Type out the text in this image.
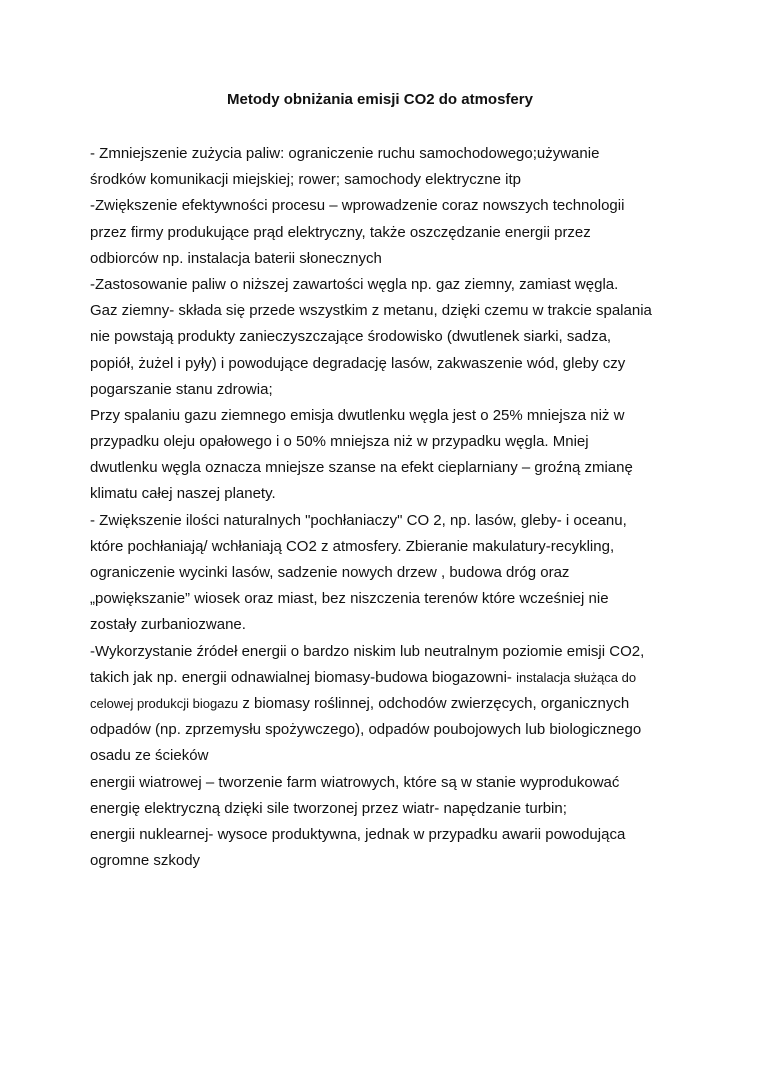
Metody obniżania emisji CO2 do atmosfery

- Zmniejszenie zużycia paliw: ograniczenie ruchu samochodowego;używanie

środków komunikacji miejskiej; rower; samochody elektryczne itp

-Zwiększenie efektywności procesu – wprowadzenie coraz nowszych technologii

przez firmy produkujące prąd elektryczny, także oszczędzanie energii przez

odbiorców np. instalacja baterii słonecznych

-Zastosowanie paliw o niższej zawartości węgla np. gaz ziemny, zamiast węgla.

Gaz ziemny- składa się przede wszystkim z metanu, dzięki czemu w trakcie spalania

nie powstają produkty zanieczyszczające środowisko (dwutlenek siarki, sadza,

popiół, żużel i pyły) i powodujące degradację lasów, zakwaszenie wód, gleby czy

pogarszanie stanu zdrowia;

Przy spalaniu gazu ziemnego emisja dwutlenku węgla jest o 25% mniejsza niż w

przypadku oleju opałowego i o 50% mniejsza niż w przypadku węgla. Mniej

dwutlenku węgla oznacza mniejsze szanse na efekt cieplarniany – groźną zmianę

klimatu całej naszej planety.

- Zwiększenie ilości naturalnych "pochłaniaczy" CO 2, np. lasów, gleby- i oceanu,

które pochłaniają/ wchłaniają CO2 z atmosfery. Zbieranie makulatury-recykling,

ograniczenie wycinki lasów, sadzenie nowych drzew , budowa dróg oraz

„powiększanie” wiosek oraz miast, bez niszczenia terenów które wcześniej nie

zostały zurbaniozwane.

-Wykorzystanie źródeł energii o bardzo niskim lub neutralnym poziomie emisji CO2,

takich jak np. energii odnawialnej biomasy-budowa biogazowni- instalacja służąca do

celowej produkcji biogazu z biomasy roślinnej, odchodów zwierzęcych, organicznych

odpadów (np. zprzemysłu spożywczego), odpadów poubojowych lub biologicznego

osadu ze ścieków

energii wiatrowej – tworzenie farm wiatrowych, które są w stanie wyprodukować

energię elektryczną dzięki sile tworzonej przez wiatr- napędzanie turbin;

energii nuklearnej- wysoce produktywna, jednak w przypadku awarii powodująca

ogromne szkody
